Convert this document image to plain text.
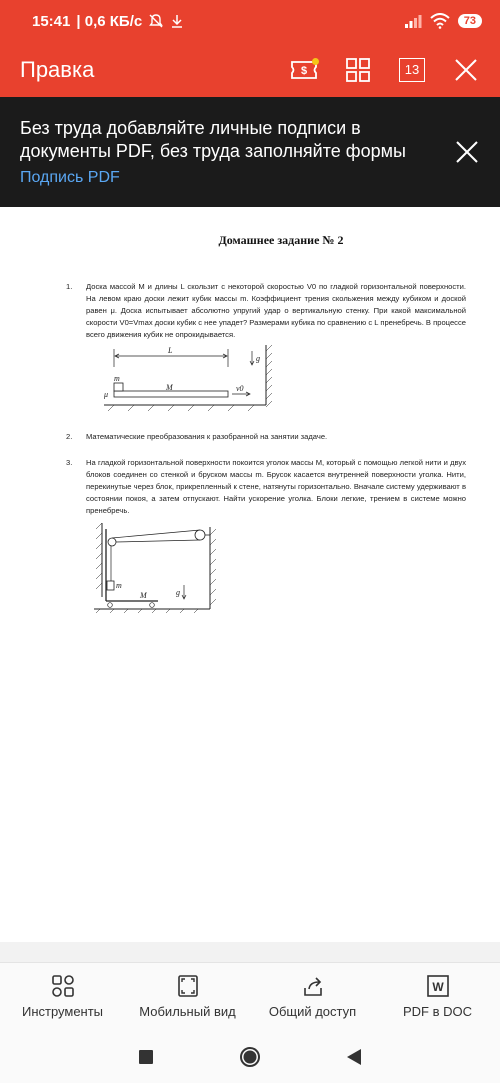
15:41 | 0,6 КБ/с	73
Правка	$	13
Без труда добавляйте личные подписи в документы PDF, без труда заполняйте формы
Подпись PDF
Домашнее задание № 2
1.	Доска массой M и длины L скользит с некоторой скоростью V0 по гладкой горизонтальной поверхности. На левом краю доски лежит кубик массы m. Коэффициент трения скольжения между кубиком и доской равен μ. Доска испытывает абсолютно упругий удар о вертикальную стенку. При какой максимальной скорости V0=Vmax доски кубик с нее упадет? Размерами кубика по сравнению с L пренебречь. В процессе всего движения кубик не опрокидывается.
L
g
m
M
μ
v0
2.	Математические преобразования к разобранной на занятии задаче.
3.	На гладкой горизонтальной поверхности покоится уголок массы M, который с помощью легкой нити и двух блоков соединен со стенкой и бруском массы m. Брусок касается внутренней поверхности уголка. Нити, перекинутые через блок, прикрепленный к стене, натянуты горизонтально. Вначале систему удерживают в состоянии покоя, а затем отпускают. Найти ускорение уголка. Блоки легкие, трением в системе можно пренебречь.
m
M	g
Инструменты	Мобильный вид	Общий доступ
W
PDF в DOC
